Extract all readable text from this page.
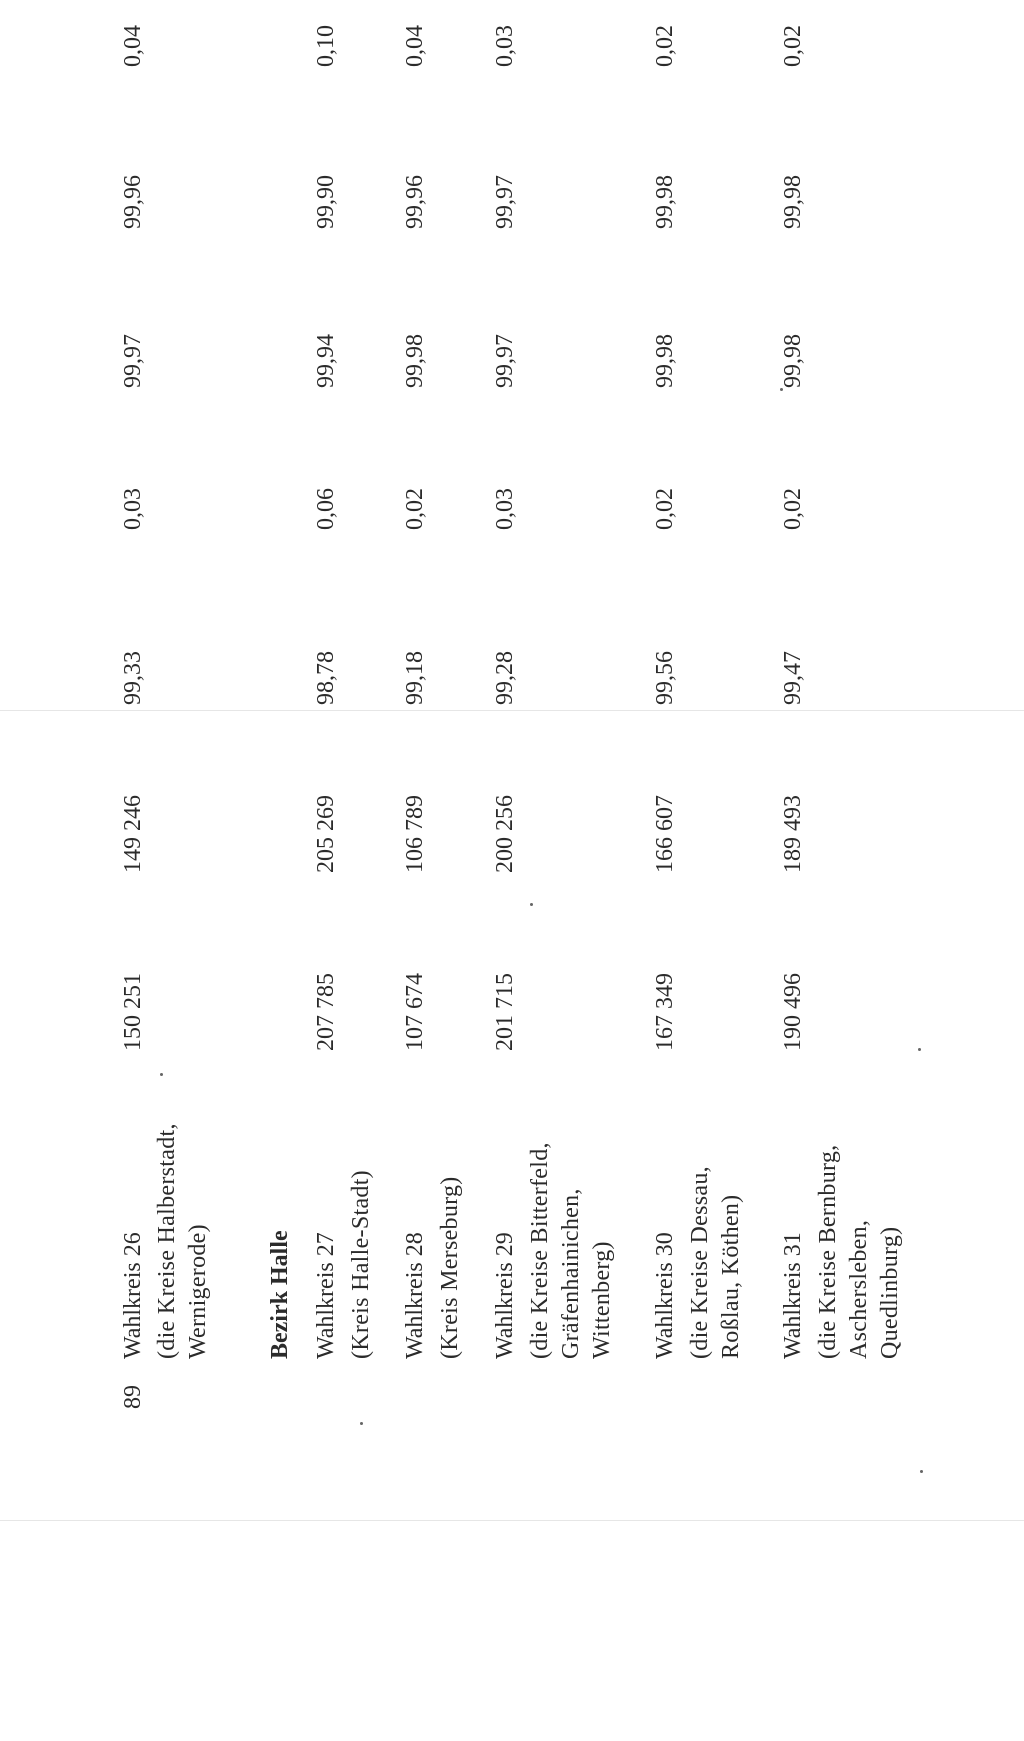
89
Wahlkreis 26 (die Kreise Halberstadt, Wernigerode)
150 251
149 246
99,33
0,03
99,97
99,96
0,04
Bezirk Halle Wahlkreis 27 (Kreis Halle-Stadt)
207 785
205 269
98,78
0,06
99,94
99,90
0,10
Wahlkreis 28 (Kreis Merseburg)
107 674
106 789
99,18
0,02
99,98
99,96
0,04
Wahlkreis 29 (die Kreise Bitterfeld, Gräfenhainichen, Wittenberg)
201 715
200 256
99,28
0,03
99,97
99,97
0,03
Wahlkreis 30 (die Kreise Dessau, Roßlau, Köthen)
167 349
166 607
99,56
0,02
99,98
99,98
0,02
Wahlkreis 31 (die Kreise Bernburg, Aschersleben, Quedlinburg)
190 496
189 493
99,47
0,02
99,98
99,98
0,02
